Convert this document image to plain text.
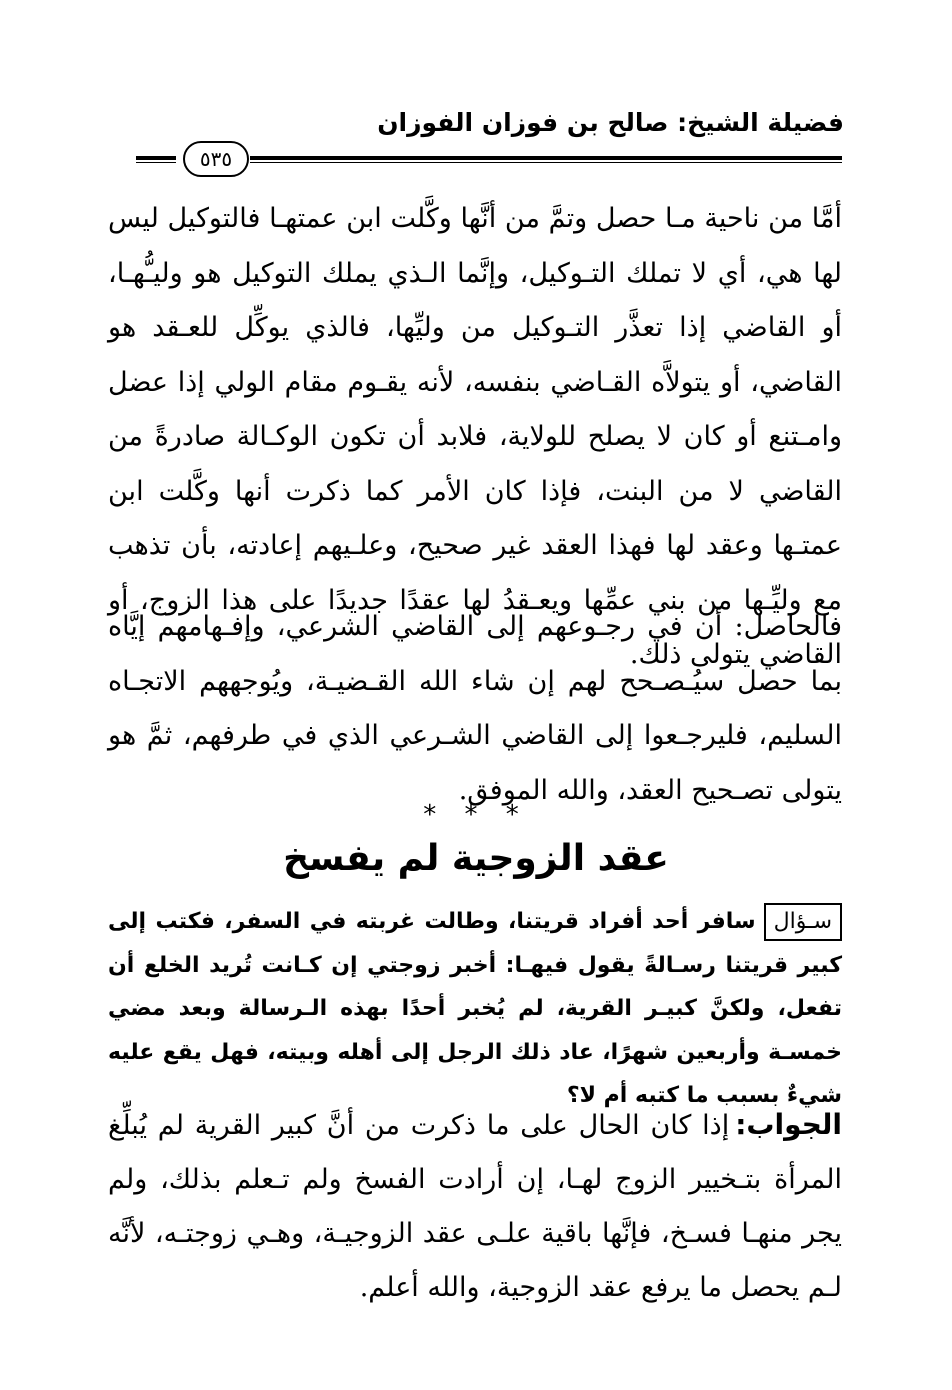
فضيلة الشيخ: صالح بن فوزان الفوزان
٥٣٥

أمَّا من ناحية مـا حصل وتمَّ من أنَّها وكَّلت ابن عمتهـا فالتوكيل ليس لها هي، أي لا تملك التـوكيل، وإنَّما الـذي يملك التوكيل هو وليـُّهـا، أو القاضي إذا تعذَّر التـوكيل من وليِّها، فالذي يوكِّل للعـقد هو القاضي، أو يتولاَّه القـاضي بنفسه، لأنه يقـوم مقام الولي إذا عضل وامـتنع أو كان لا يصلح للولاية، فلابد أن تكون الوكـالة صادرةً من القاضي لا من البنت، فإذا كان الأمر كما ذكرت أنها وكَّلت ابن عمتـها وعقد لها فهذا العقد غير صحيح، وعلـيهم إعادته، بأن تذهب مع وليِّـها من بني عمِّها ويعـقدُ لها عقدًا جديدًا على هذا الزوج، أو القاضي يتولى ذلك.

فالحاصل: أن في رجـوعهم إلى القاضي الشرعي، وإفـهامهم إيَّاه بما حصل سيُـصـحح لهم إن شاء الله القـضيـة، ويُوجههم الاتجـاه السليم، فليرجـعوا إلى القاضي الشـرعي الذي في طرفهم، ثمَّ هو يتولى تصـحيح العقد، والله الموفق.

* * *
عقد الزوجية لم يفسخ

سـؤالسافر أحد أفراد قريتنا، وطالت غربته في السفر، فكتب إلى كبير قريتنا رسـالةً يقول فيهـا: أخبر زوجتي إن كـانت تُريد الخلع أن تفعل، ولكنَّ كبيـر القرية، لم يُخبر أحدًا بهذه الـرسالة وبعد مضي خمسـة وأربعين شهرًا، عاد ذلك الرجل إلى أهله وبيته، فهل يقع عليه شيءٌ بسبب ما كتبه أم لا؟

الجواب:إذا كان الحال على ما ذكرت من أنَّ كبير القرية لم يُبلِّغ المرأة بتـخيير الزوج لهـا، إن أرادت الفسخ ولم تـعلم بذلك، ولم يجر منهـا فسـخ، فإنَّها باقية علـى عقد الزوجيـة، وهـي زوجتـه، لأنَّه لـم يحصل ما يرفع عقد الزوجية، والله أعلم.
